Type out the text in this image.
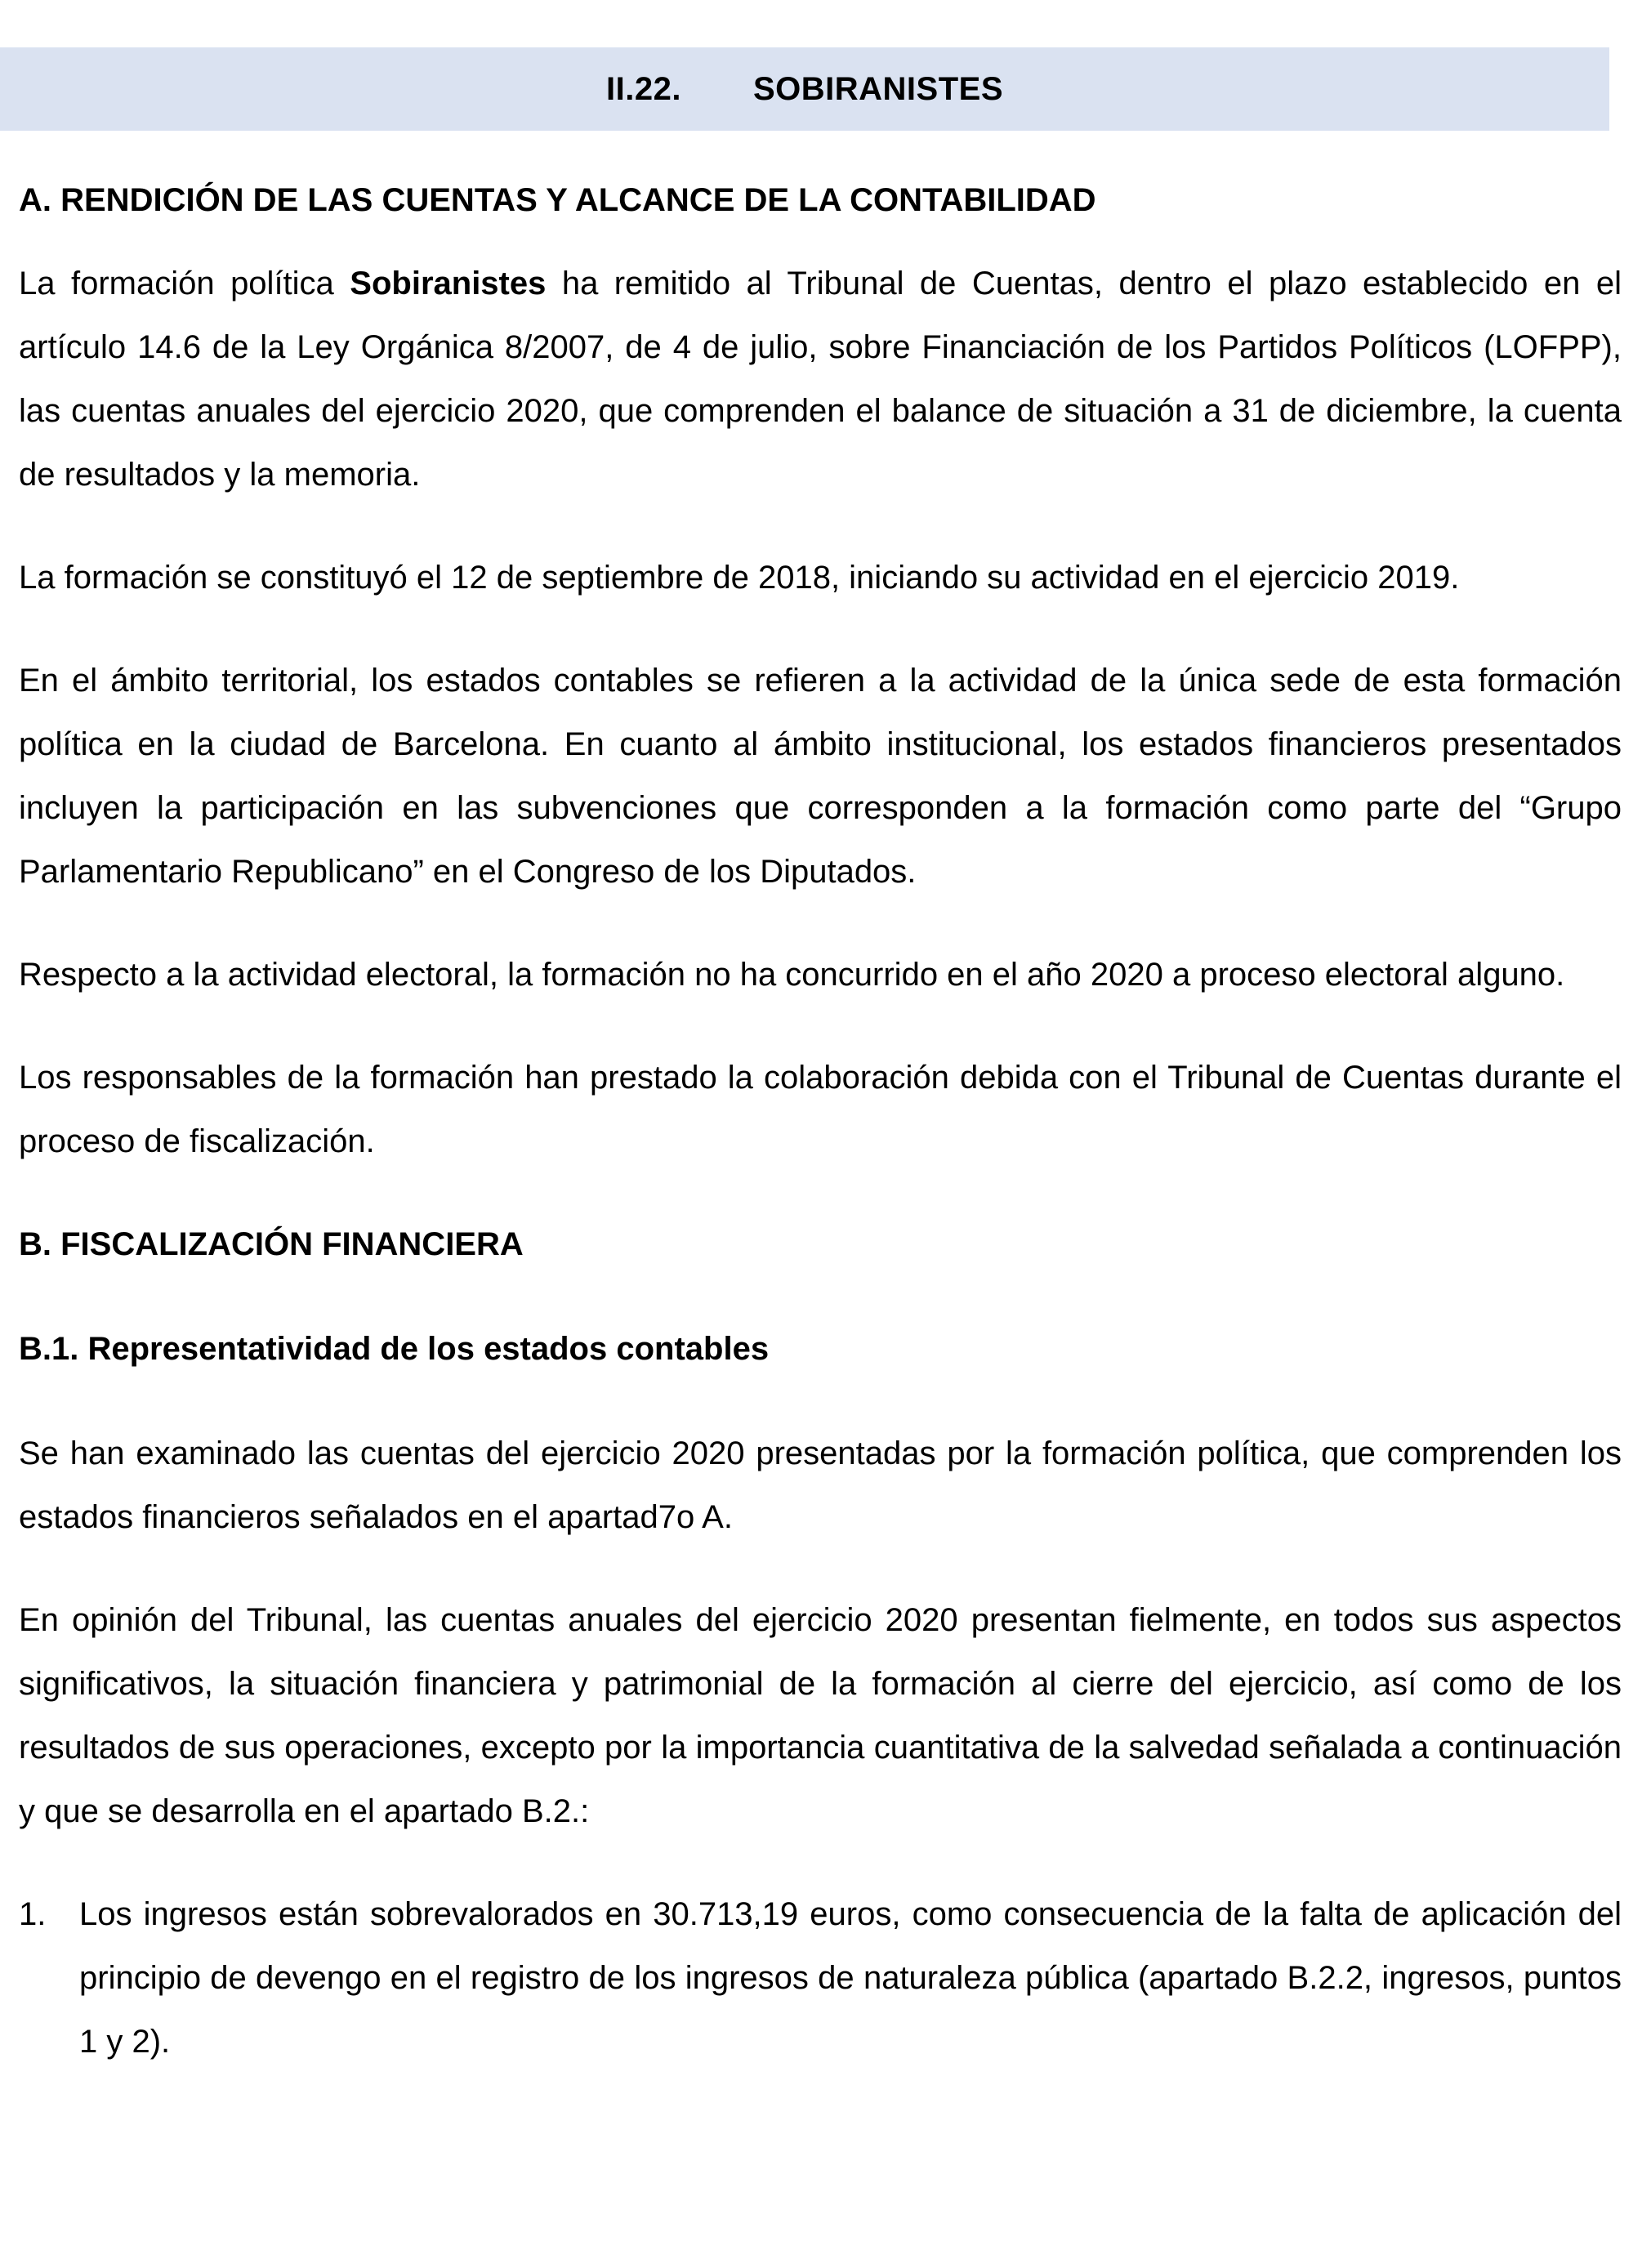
II.22. SOBIRANISTES
A. RENDICIÓN DE LAS CUENTAS Y ALCANCE DE LA CONTABILIDAD

La formación política Sobiranistes ha remitido al Tribunal de Cuentas, dentro el plazo establecido en el artículo 14.6 de la Ley Orgánica 8/2007, de 4 de julio, sobre Financiación de los Partidos Políticos (LOFPP), las cuentas anuales del ejercicio 2020, que comprenden el balance de situación a 31 de diciembre, la cuenta de resultados y la memoria.

La formación se constituyó el 12 de septiembre de 2018, iniciando su actividad en el ejercicio 2019.

En el ámbito territorial, los estados contables se refieren a la actividad de la única sede de esta formación política en la ciudad de Barcelona. En cuanto al ámbito institucional, los estados financieros presentados incluyen la participación en las subvenciones que corresponden a la formación como parte del “Grupo Parlamentario Republicano” en el Congreso de los Diputados.

Respecto a la actividad electoral, la formación no ha concurrido en el año 2020 a proceso electoral alguno.

Los responsables de la formación han prestado la colaboración debida con el Tribunal de Cuentas durante el proceso de fiscalización.

B. FISCALIZACIÓN FINANCIERA
B.1. Representatividad de los estados contables

Se han examinado las cuentas del ejercicio 2020 presentadas por la formación política, que comprenden los estados financieros señalados en el apartad7o A.

En opinión del Tribunal, las cuentas anuales del ejercicio 2020 presentan fielmente, en todos sus aspectos significativos, la situación financiera y patrimonial de la formación al cierre del ejercicio, así como de los resultados de sus operaciones, excepto por la importancia cuantitativa de la salvedad señalada a continuación y que se desarrolla en el apartado B.2.:

1.	Los ingresos están sobrevalorados en 30.713,19 euros, como consecuencia de la falta de aplicación del principio de devengo en el registro de los ingresos de naturaleza pública (apartado B.2.2, ingresos, puntos 1 y 2).
